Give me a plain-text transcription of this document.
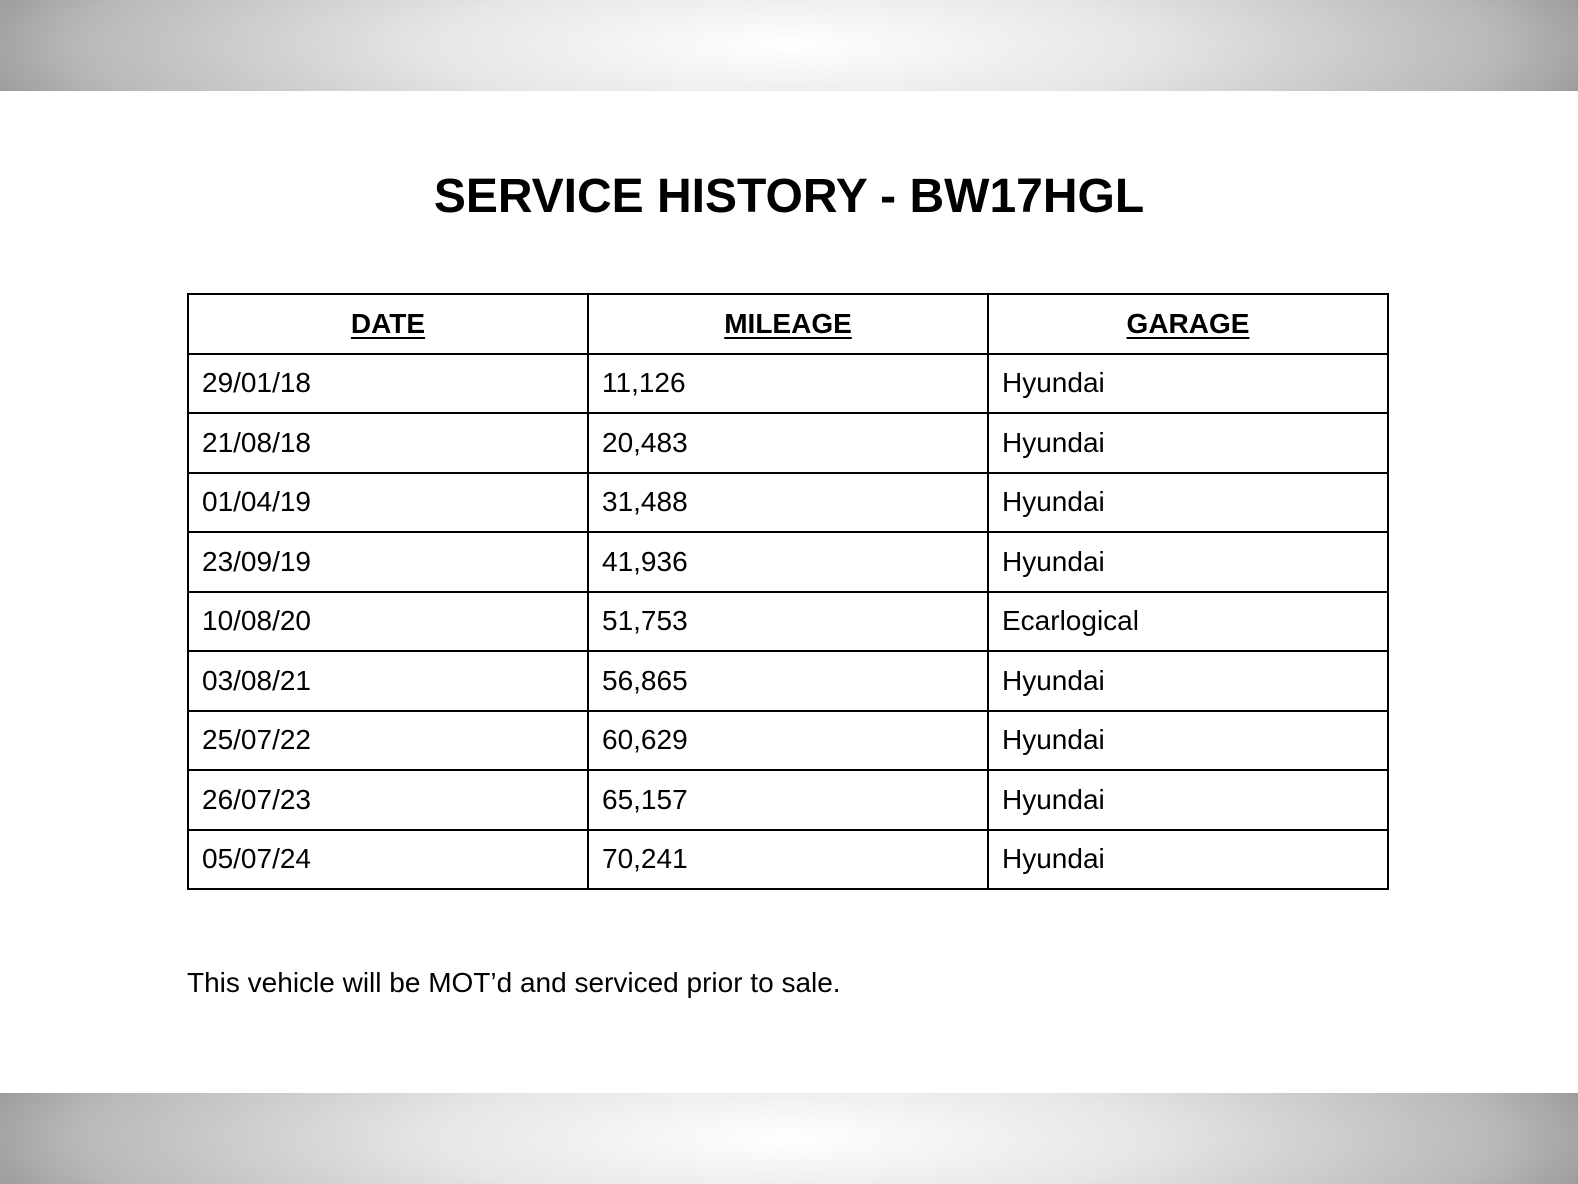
SERVICE HISTORY - BW17HGL
DATE	MILEAGE	GARAGE
29/01/18	11,126	Hyundai
21/08/18	20,483	Hyundai
01/04/19	31,488	Hyundai
23/09/19	41,936	Hyundai
10/08/20	51,753	Ecarlogical
03/08/21	56,865	Hyundai
25/07/22	60,629	Hyundai
26/07/23	65,157	Hyundai
05/07/24	70,241	Hyundai

This vehicle will be MOT’d and serviced prior to sale.
